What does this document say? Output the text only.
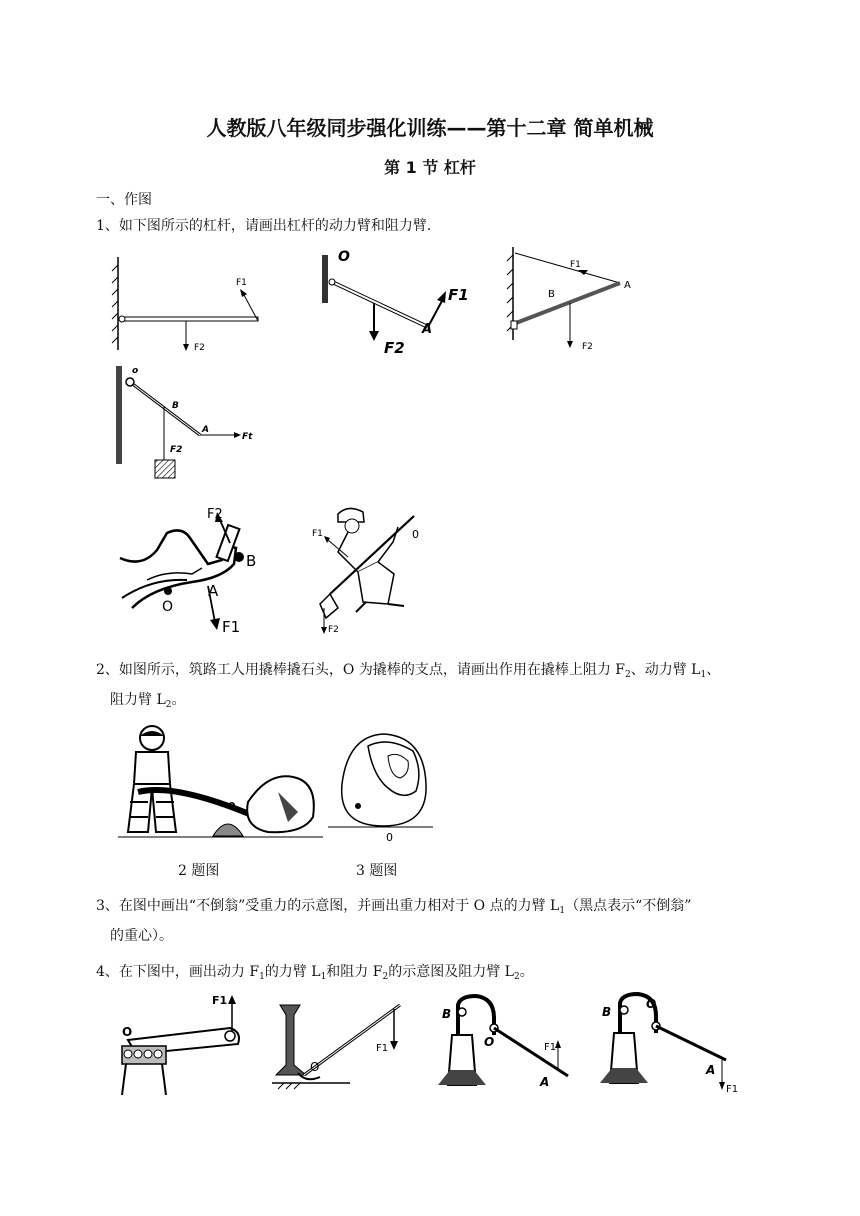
人教版八年级同步强化训练——第十二章 简单机械
第 1 节 杠杆
一、作图
1、如下图所示的杠杆，请画出杠杆的动力臂和阻力臂.
F1
F2
O
F1
A
F2
F1
B
A
F2
o
B
A
Ft
F2
F2
B
A
O
F1
F1	0
F2
2、如图所示，筑路工人用撬棒撬石头，O 为撬棒的支点，请画出作用在撬棒上阻力 $F_2$、动力臂 $L_1$、
阻力臂 $L_2$。
0
0
2 题图	3 题图
3、在图中画出“不倒翁”受重力的示意图，并画出重力相对于 O 点的力臂 $L_1$（黑点表示“不倒翁”
的重心）。
4、在下图中，画出动力 $F_1$的力臂 $L_1$和阻力 $F_2$的示意图及阻力臂 $L_2$。
F1
O
F1
O
B
O	F1
A
B
O
A
F1
